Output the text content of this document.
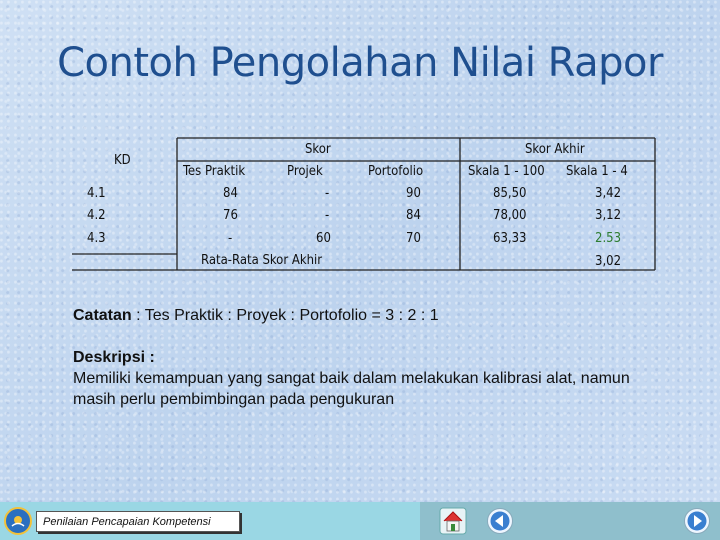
Contoh Pengolahan Nilai Rapor
KD
Skor	Skor Akhir
Tes Praktik	Projek	Portofolio	Skala 1 - 100 Skala 1 - 4
4.1	84	-	90	85,50	3,42
4.2	76	-	84	78,00	3,12
4.3	-	60	70	63,33	2.53
Rata-Rata Skor Akhir	3,02
Catatan : Tes Praktik : Proyek : Portofolio = 3 : 2 : 1
Deskripsi :
Memiliki kemampuan yang sangat baik dalam melakukan kalibrasi alat, namun masih perlu pembimbingan pada pengukuran
Penilaian Pencapaian Kompetensi
